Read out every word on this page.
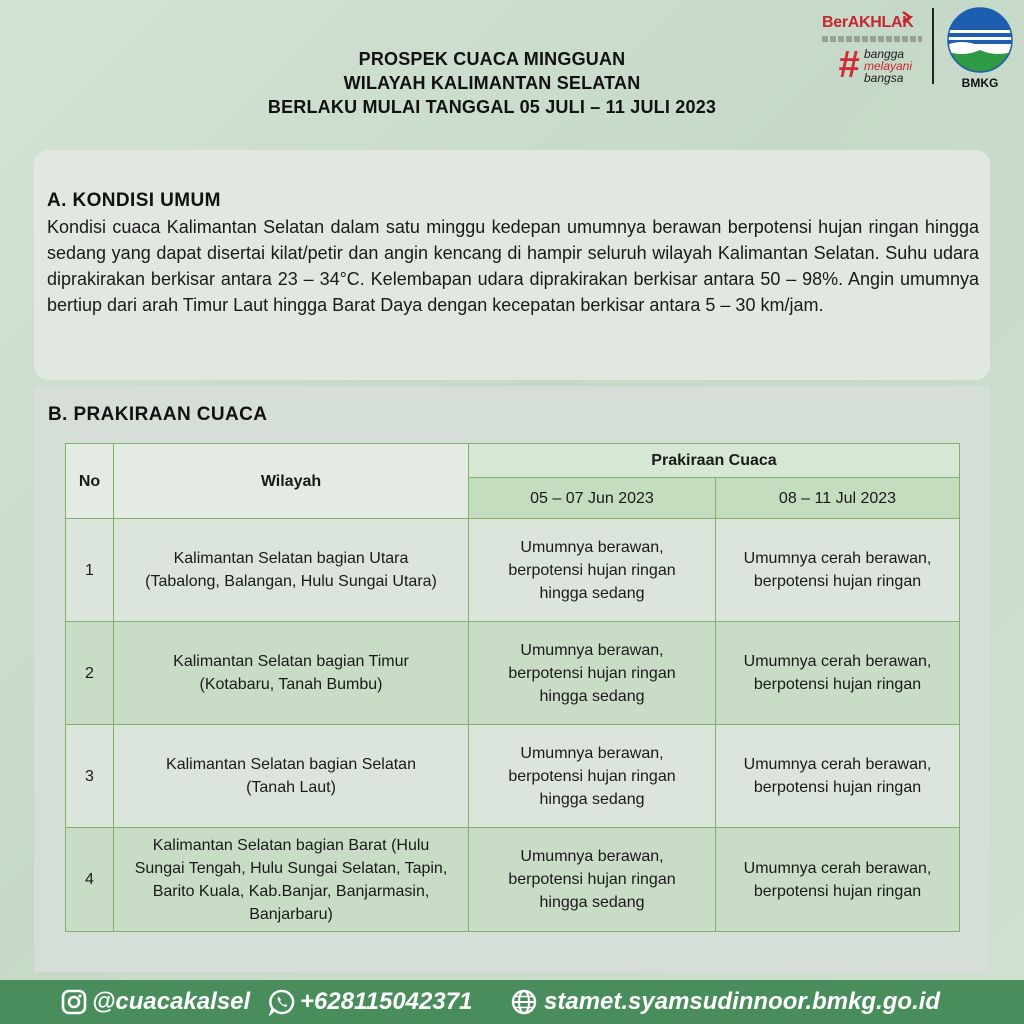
PROSPEK CUACA MINGGUAN
WILAYAH KALIMANTAN SELATAN
BERLAKU MULAI TANGGAL 05 JULI – 11 JULI 2023
BerAKHLAK
# bangga
melayani
bangsa	BMKG
A. KONDISI UMUM
Kondisi cuaca Kalimantan Selatan dalam satu minggu kedepan umumnya berawan berpotensi hujan ringan hingga sedang yang dapat disertai kilat/petir dan angin kencang di hampir seluruh wilayah Kalimantan Selatan. Suhu udara diprakirakan berkisar antara 23 – 34°C. Kelembapan udara diprakirakan berkisar antara 50 – 98%. Angin umumnya bertiup dari arah Timur Laut hingga Barat Daya dengan kecepatan berkisar antara 5 – 30 km/jam.
B. PRAKIRAAN CUACA
No	Wilayah	Prakiraan Cuaca	
		05 – 07 Jun 2023	08 – 11 Jul 2023
1	Kalimantan Selatan bagian Utara (Tabalong, Balangan, Hulu Sungai Utara)	Umumnya berawan, berpotensi hujan ringan hingga sedang	Umumnya cerah berawan, berpotensi hujan ringan
2	Kalimantan Selatan bagian Timur (Kotabaru, Tanah Bumbu)	Umumnya berawan, berpotensi hujan ringan hingga sedang	Umumnya cerah berawan, berpotensi hujan ringan
3	Kalimantan Selatan bagian Selatan (Tanah Laut)	Umumnya berawan, berpotensi hujan ringan hingga sedang	Umumnya cerah berawan, berpotensi hujan ringan
4	Kalimantan Selatan bagian Barat (Hulu Sungai Tengah, Hulu Sungai Selatan, Tapin, Barito Kuala, Kab.Banjar, Banjarmasin, Banjarbaru)	Umumnya berawan, berpotensi hujan ringan hingga sedang	Umumnya cerah berawan, berpotensi hujan ringan
@cuacakalsel +628115042371	stamet.syamsudinnoor.bmkg.go.id
